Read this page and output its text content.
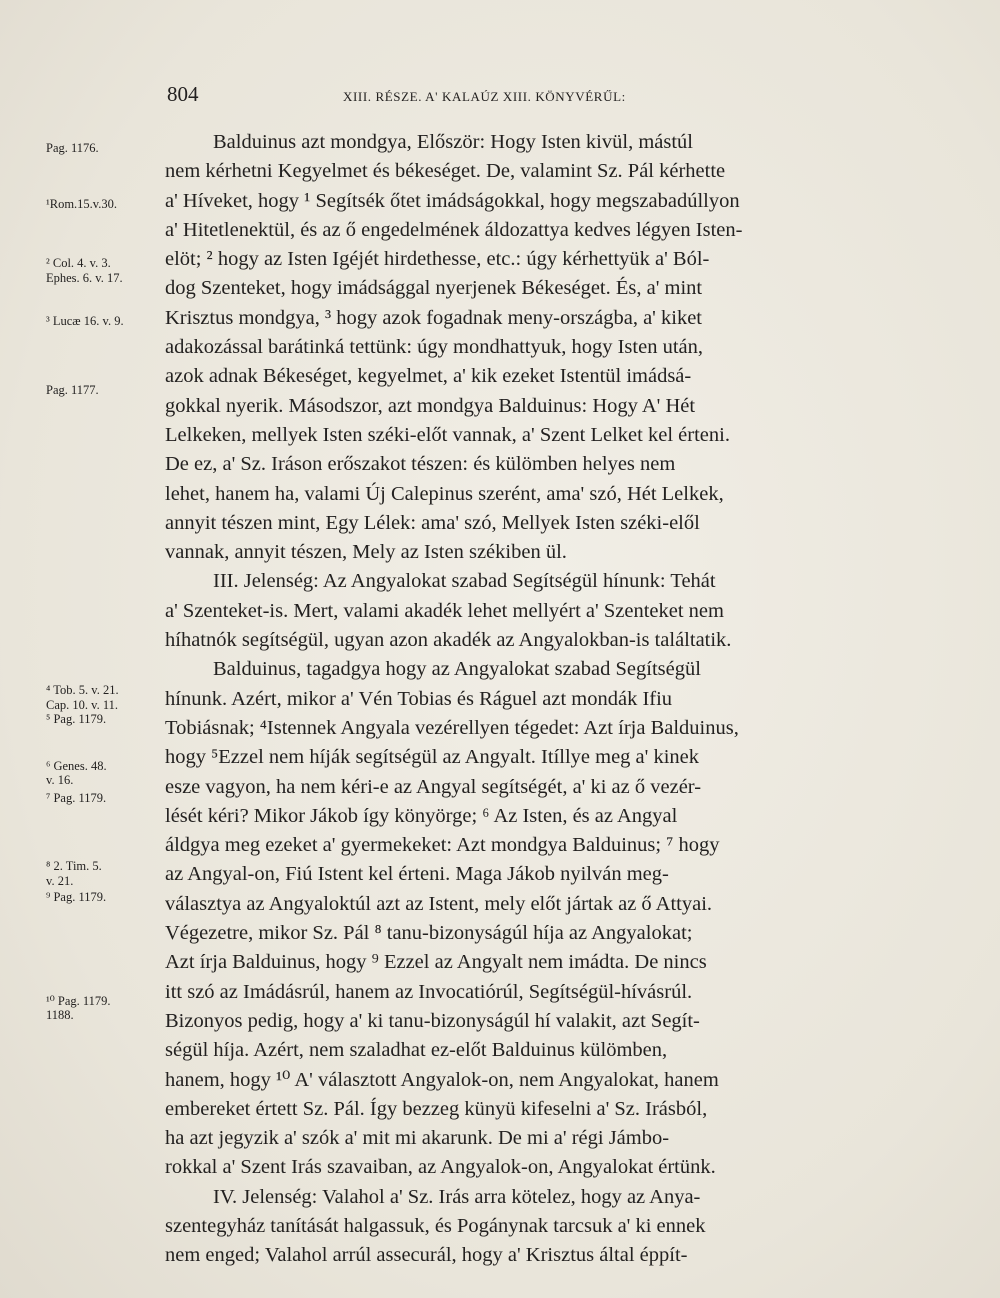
804	XIII. RÉSZE. A' KALAÚZ XIII. KÖNYVÉRŰL:
Pag. 1176.
¹Rom.15.v.30.
² Col. 4. v. 3.
Ephes. 6. v. 17.
³ Lucæ 16. v. 9.
Pag. 1177.
⁴ Tob. 5. v. 21.
Cap. 10. v. 11.
⁵ Pag. 1179.
⁶ Genes. 48.
v. 16.
⁷ Pag. 1179.
⁸ 2. Tim. 5.
v. 21.
⁹ Pag. 1179.
¹⁰ Pag. 1179.
1188.
Balduinus azt mondgya, Először: Hogy Isten kivül, mástúl
nem kérhetni Kegyelmet és békeséget. De, valamint Sz. Pál kérhette
a' Híveket, hogy ¹ Segítsék őtet imádságokkal, hogy megszabadúllyon
a' Hitetlenektül, és az ő engedelmének áldozattya kedves légyen Isten-
elöt; ² hogy az Isten Igéjét hirdethesse, etc.: úgy kérhettyük a' Ból-
dog Szenteket, hogy imádsággal nyerjenek Békeséget. És, a' mint
Krisztus mondgya, ³ hogy azok fogadnak meny-országba, a' kiket
adakozással barátinká tettünk: úgy mondhattyuk, hogy Isten után,
azok adnak Békeséget, kegyelmet, a' kik ezeket Istentül imádsá-
gokkal nyerik. Másodszor, azt mondgya Balduinus: Hogy A' Hét
Lelkeken, mellyek Isten széki-előt vannak, a' Szent Lelket kel érteni.
De ez, a' Sz. Iráson erőszakot tészen: és külömben helyes nem
lehet, hanem ha, valami Új Calepinus szerént, ama' szó, Hét Lelkek,
annyit tészen mint, Egy Lélek: ama' szó, Mellyek Isten széki-elől
vannak, annyit tészen, Mely az Isten székiben ül.
III. Jelenség: Az Angyalokat szabad Segítségül hínunk: Tehát
a' Szenteket-is. Mert, valami akadék lehet mellyért a' Szenteket nem
híhatnók segítségül, ugyan azon akadék az Angyalokban-is találtatik.
Balduinus, tagadgya hogy az Angyalokat szabad Segítségül
hínunk. Azért, mikor a' Vén Tobias és Ráguel azt mondák Ifiu
Tobiásnak; ⁴Istennek Angyala vezérellyen tégedet: Azt írja Balduinus,
hogy ⁵Ezzel nem híják segítségül az Angyalt. Itíllye meg a' kinek
esze vagyon, ha nem kéri-e az Angyal segítségét, a' ki az ő vezér-
lését kéri? Mikor Jákob így könyörge; ⁶ Az Isten, és az Angyal
áldgya meg ezeket a' gyermekeket: Azt mondgya Balduinus; ⁷ hogy
az Angyal-on, Fiú Istent kel érteni. Maga Jákob nyilván meg-
választya az Angyaloktúl azt az Istent, mely előt jártak az ő Attyai.
Végezetre, mikor Sz. Pál ⁸ tanu-bizonyságúl híja az Angyalokat;
Azt írja Balduinus, hogy ⁹ Ezzel az Angyalt nem imádta. De nincs
itt szó az Imádásrúl, hanem az Invocatiórúl, Segítségül-hívásrúl.
Bizonyos pedig, hogy a' ki tanu-bizonyságúl hí valakit, azt Segít-
ségül híja. Azért, nem szaladhat ez-előt Balduinus külömben,
hanem, hogy ¹⁰ A' választott Angyalok-on, nem Angyalokat, hanem
embereket értett Sz. Pál. Így bezzeg künyü kifeselni a' Sz. Irásból,
ha azt jegyzik a' szók a' mit mi akarunk. De mi a' régi Jámbo-
rokkal a' Szent Irás szavaiban, az Angyalok-on, Angyalokat értünk.
IV. Jelenség: Valahol a' Sz. Irás arra kötelez, hogy az Anya-
szentegyház tanítását halgassuk, és Pogánynak tarcsuk a' ki ennek
nem enged; Valahol arrúl assecurál, hogy a' Krisztus által éppít-
